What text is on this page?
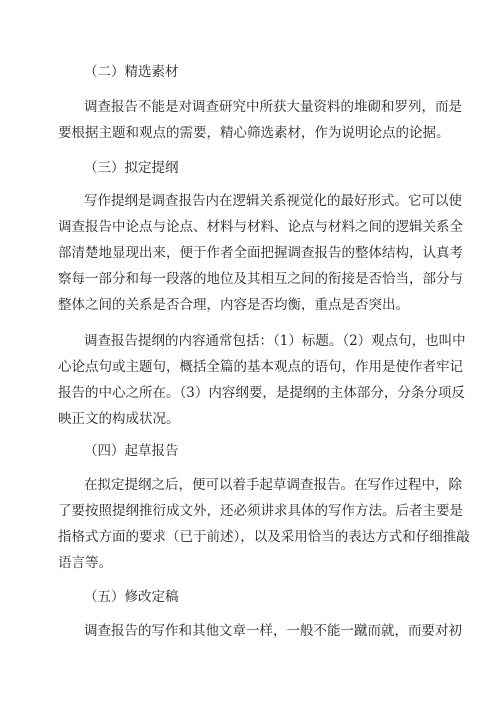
（二）精选素材
调查报告不能是对调查研究中所获大量资料的堆砌和罗列，而是
要根据主题和观点的需要，精心筛选素材，作为说明论点的论据。
（三）拟定提纲
写作提纲是调查报告内在逻辑关系视觉化的最好形式。它可以使
调查报告中论点与论点、材料与材料、论点与材料之间的逻辑关系全
部清楚地显现出来，便于作者全面把握调查报告的整体结构，认真考
察每一部分和每一段落的地位及其相互之间的衔接是否恰当，部分与
整体之间的关系是否合理，内容是否均衡，重点是否突出。
调查报告提纲的内容通常包括：（1）标题。（2）观点句，也叫中
心论点句或主题句，概括全篇的基本观点的语句，作用是使作者牢记
报告的中心之所在。（3）内容纲要，是提纲的主体部分，分条分项反
映正文的构成状况。
（四）起草报告
在拟定提纲之后，便可以着手起草调查报告。在写作过程中，除
了要按照提纲推衍成文外，还必须讲求具体的写作方法。后者主要是
指格式方面的要求（已于前述），以及采用恰当的表达方式和仔细推敲
语言等。
（五）修改定稿
调查报告的写作和其他文章一样，一般不能一蹴而就，而要对初
